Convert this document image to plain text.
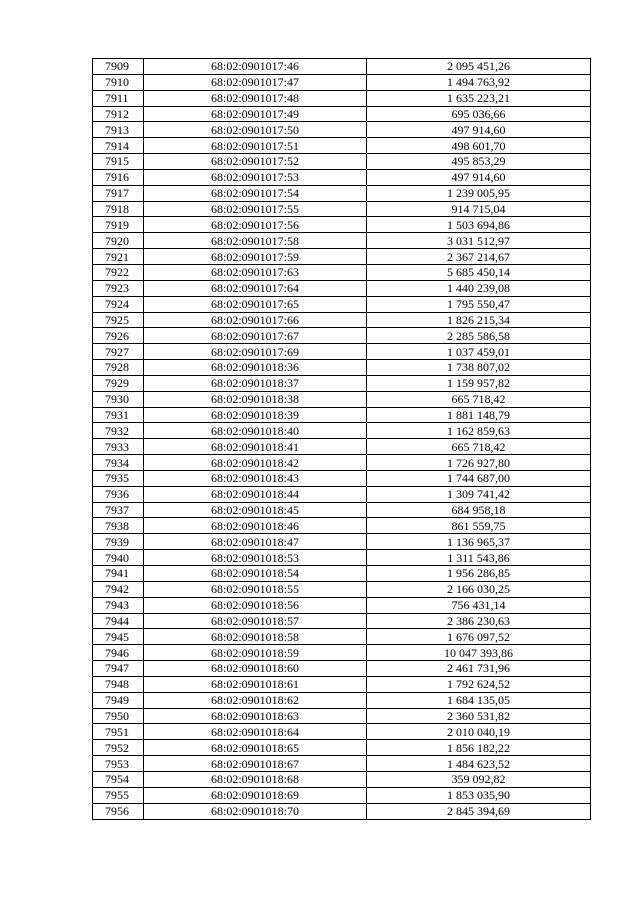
7909	68:02:0901017:46	2 095 451,26
7910	68:02:0901017:47	1 494 763,92
7911	68:02:0901017:48	1 635 223,21
7912	68:02:0901017:49	695 036,66
7913	68:02:0901017:50	497 914,60
7914	68:02:0901017:51	498 601,70
7915	68:02:0901017:52	495 853,29
7916	68:02:0901017:53	497 914,60
7917	68:02:0901017:54	1 239 005,95
7918	68:02:0901017:55	914 715,04
7919	68:02:0901017:56	1 503 694,86
7920	68:02:0901017:58	3 031 512,97
7921	68:02:0901017:59	2 367 214,67
7922	68:02:0901017:63	5 685 450,14
7923	68:02:0901017:64	1 440 239,08
7924	68:02:0901017:65	1 795 550,47
7925	68:02:0901017:66	1 826 215,34
7926	68:02:0901017:67	2 285 586,58
7927	68:02:0901017:69	1 037 459,01
7928	68:02:0901018:36	1 738 807,02
7929	68:02:0901018:37	1 159 957,82
7930	68:02:0901018:38	665 718,42
7931	68:02:0901018:39	1 881 148,79
7932	68:02:0901018:40	1 162 859,63
7933	68:02:0901018:41	665 718,42
7934	68:02:0901018:42	1 726 927,80
7935	68:02:0901018:43	1 744 687,00
7936	68:02:0901018:44	1 309 741,42
7937	68:02:0901018:45	684 958,18
7938	68:02:0901018:46	861 559,75
7939	68:02:0901018:47	1 136 965,37
7940	68:02:0901018:53	1 311 543,86
7941	68:02:0901018:54	1 956 286,85
7942	68:02:0901018:55	2 166 030,25
7943	68:02:0901018:56	756 431,14
7944	68:02:0901018:57	2 386 230,63
7945	68:02:0901018:58	1 676 097,52
7946	68:02:0901018:59	10 047 393,86
7947	68:02:0901018:60	2 461 731,96
7948	68:02:0901018:61	1 792 624,52
7949	68:02:0901018:62	1 684 135,05
7950	68:02:0901018:63	2 360 531,82
7951	68:02:0901018:64	2 010 040,19
7952	68:02:0901018:65	1 856 182,22
7953	68:02:0901018:67	1 484 623,52
7954	68:02:0901018:68	359 092,82
7955	68:02:0901018:69	1 853 035,90
7956	68:02:0901018:70	2 845 394,69
